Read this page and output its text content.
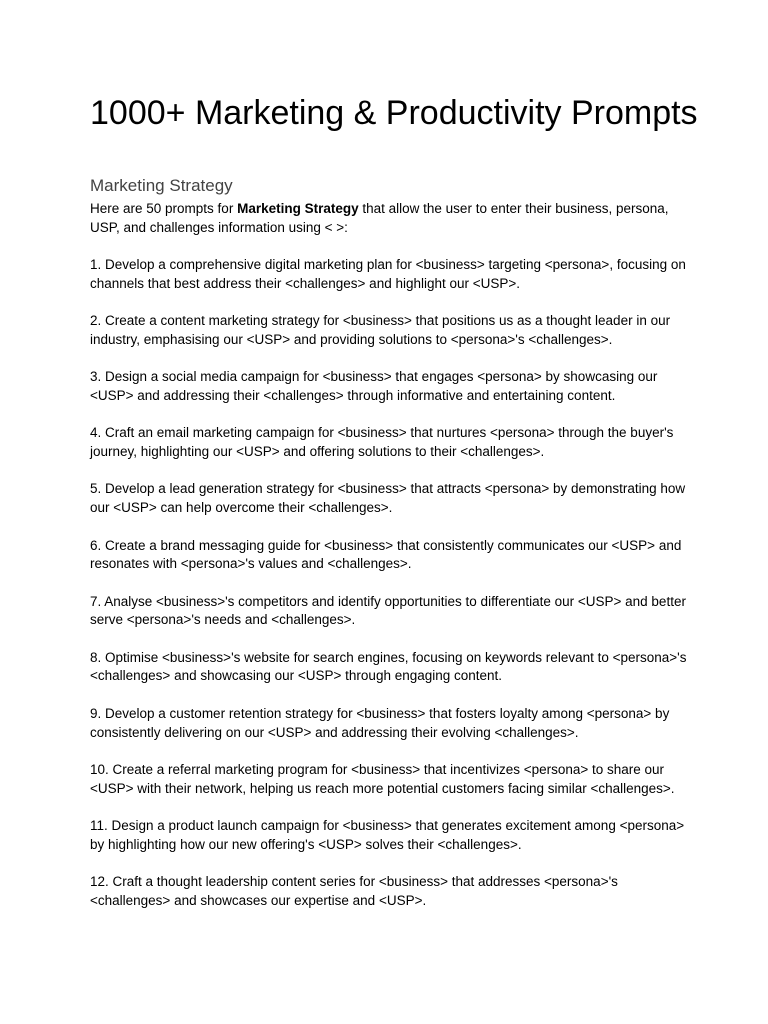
1000+ Marketing & Productivity Prompts
Marketing Strategy

Here are 50 prompts for Marketing Strategy that allow the user to enter their business, persona, USP, and challenges information using < >:

1. Develop a comprehensive digital marketing plan for <business> targeting <persona>, focusing on channels that best address their <challenges> and highlight our <USP>.

2. Create a content marketing strategy for <business> that positions us as a thought leader in our industry, emphasising our <USP> and providing solutions to <persona>'s <challenges>.

3. Design a social media campaign for <business> that engages <persona> by showcasing our <USP> and addressing their <challenges> through informative and entertaining content.

4. Craft an email marketing campaign for <business> that nurtures <persona> through the buyer's journey, highlighting our <USP> and offering solutions to their <challenges>.

5. Develop a lead generation strategy for <business> that attracts <persona> by demonstrating how our <USP> can help overcome their <challenges>.

6. Create a brand messaging guide for <business> that consistently communicates our <USP> and resonates with <persona>'s values and <challenges>.

7. Analyse <business>'s competitors and identify opportunities to differentiate our <USP> and better serve <persona>'s needs and <challenges>.

8. Optimise <business>'s website for search engines, focusing on keywords relevant to <persona>'s <challenges> and showcasing our <USP> through engaging content.

9. Develop a customer retention strategy for <business> that fosters loyalty among <persona> by consistently delivering on our <USP> and addressing their evolving <challenges>.

10. Create a referral marketing program for <business> that incentivizes <persona> to share our <USP> with their network, helping us reach more potential customers facing similar <challenges>.

11. Design a product launch campaign for <business> that generates excitement among <persona> by highlighting how our new offering's <USP> solves their <challenges>.

12. Craft a thought leadership content series for <business> that addresses <persona>'s <challenges> and showcases our expertise and <USP>.
